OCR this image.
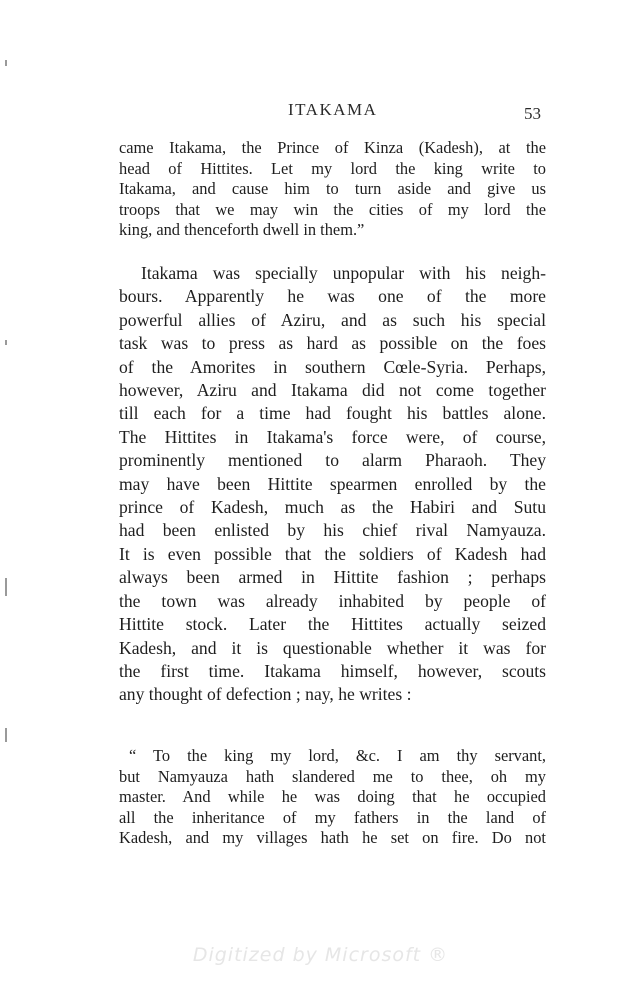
ITAKAMA	53
came Itakama, the Prince of Kinza (Kadesh), at the
head of Hittites. Let my lord the king write to
Itakama, and cause him to turn aside and give us
troops that we may win the cities of my lord the
king, and thenceforth dwell in them.”
Itakama was specially unpopular with his neigh-
bours. Apparently he was one of the more
powerful allies of Aziru, and as such his special
task was to press as hard as possible on the foes
of the Amorites in southern Cœle-Syria. Perhaps,
however, Aziru and Itakama did not come together
till each for a time had fought his battles alone.
The Hittites in Itakama's force were, of course,
prominently mentioned to alarm Pharaoh. They
may have been Hittite spearmen enrolled by the
prince of Kadesh, much as the Habiri and Sutu
had been enlisted by his chief rival Namyauza.
It is even possible that the soldiers of Kadesh had
always been armed in Hittite fashion ; perhaps
the town was already inhabited by people of
Hittite stock. Later the Hittites actually seized
Kadesh, and it is questionable whether it was for
the first time. Itakama himself, however, scouts
any thought of defection ; nay, he writes :
“ To the king my lord, &c. I am thy servant,
but Namyauza hath slandered me to thee, oh my
master. And while he was doing that he occupied
all the inheritance of my fathers in the land of
Kadesh, and my villages hath he set on fire. Do not
Digitized by Microsoft ®
